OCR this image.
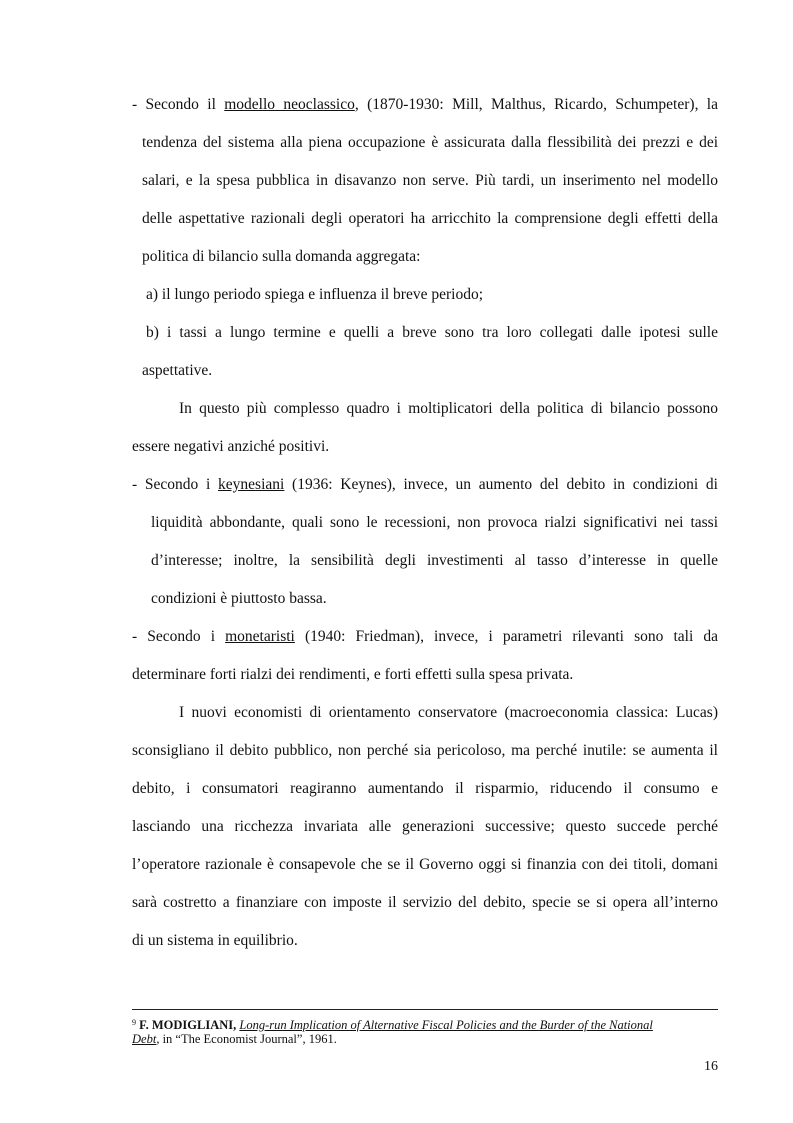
- Secondo il modello neoclassico, (1870-1930: Mill, Malthus, Ricardo, Schumpeter), la
tendenza del sistema alla piena occupazione è assicurata dalla flessibilità dei prezzi e dei
salari, e la spesa pubblica in disavanzo non serve. Più tardi, un inserimento nel modello
delle aspettative razionali degli operatori ha arricchito la comprensione degli effetti della
politica di bilancio sulla domanda aggregata:
a) il lungo periodo spiega e influenza il breve periodo;
b) i tassi a lungo termine e quelli a breve sono tra loro collegati dalle ipotesi sulle
aspettative.
In questo più complesso quadro i moltiplicatori della politica di bilancio possono
essere negativi anziché positivi.
- Secondo i keynesiani (1936: Keynes), invece, un aumento del debito in condizioni di
liquidità abbondante, quali sono le recessioni, non provoca rialzi significativi nei tassi
d’interesse; inoltre, la sensibilità degli investimenti al tasso d’interesse in quelle
condizioni è piuttosto bassa.
- Secondo i monetaristi (1940: Friedman), invece, i parametri rilevanti sono tali da
determinare forti rialzi dei rendimenti, e forti effetti sulla spesa privata.
I nuovi economisti di orientamento conservatore (macroeconomia classica: Lucas)
sconsigliano il debito pubblico, non perché sia pericoloso, ma perché inutile: se aumenta il
debito, i consumatori reagiranno aumentando il risparmio, riducendo il consumo e
lasciando una ricchezza invariata alle generazioni successive; questo succede perché
l’operatore razionale è consapevole che se il Governo oggi si finanzia con dei titoli, domani
sarà costretto a finanziare con imposte il servizio del debito, specie se si opera all’interno
di un sistema in equilibrio.
$^9$ F. MODIGLIANI, Long-run Implication of Alternative Fiscal Policies and the Burder of the National
Debt, in “The Economist Journal”, 1961.
16
